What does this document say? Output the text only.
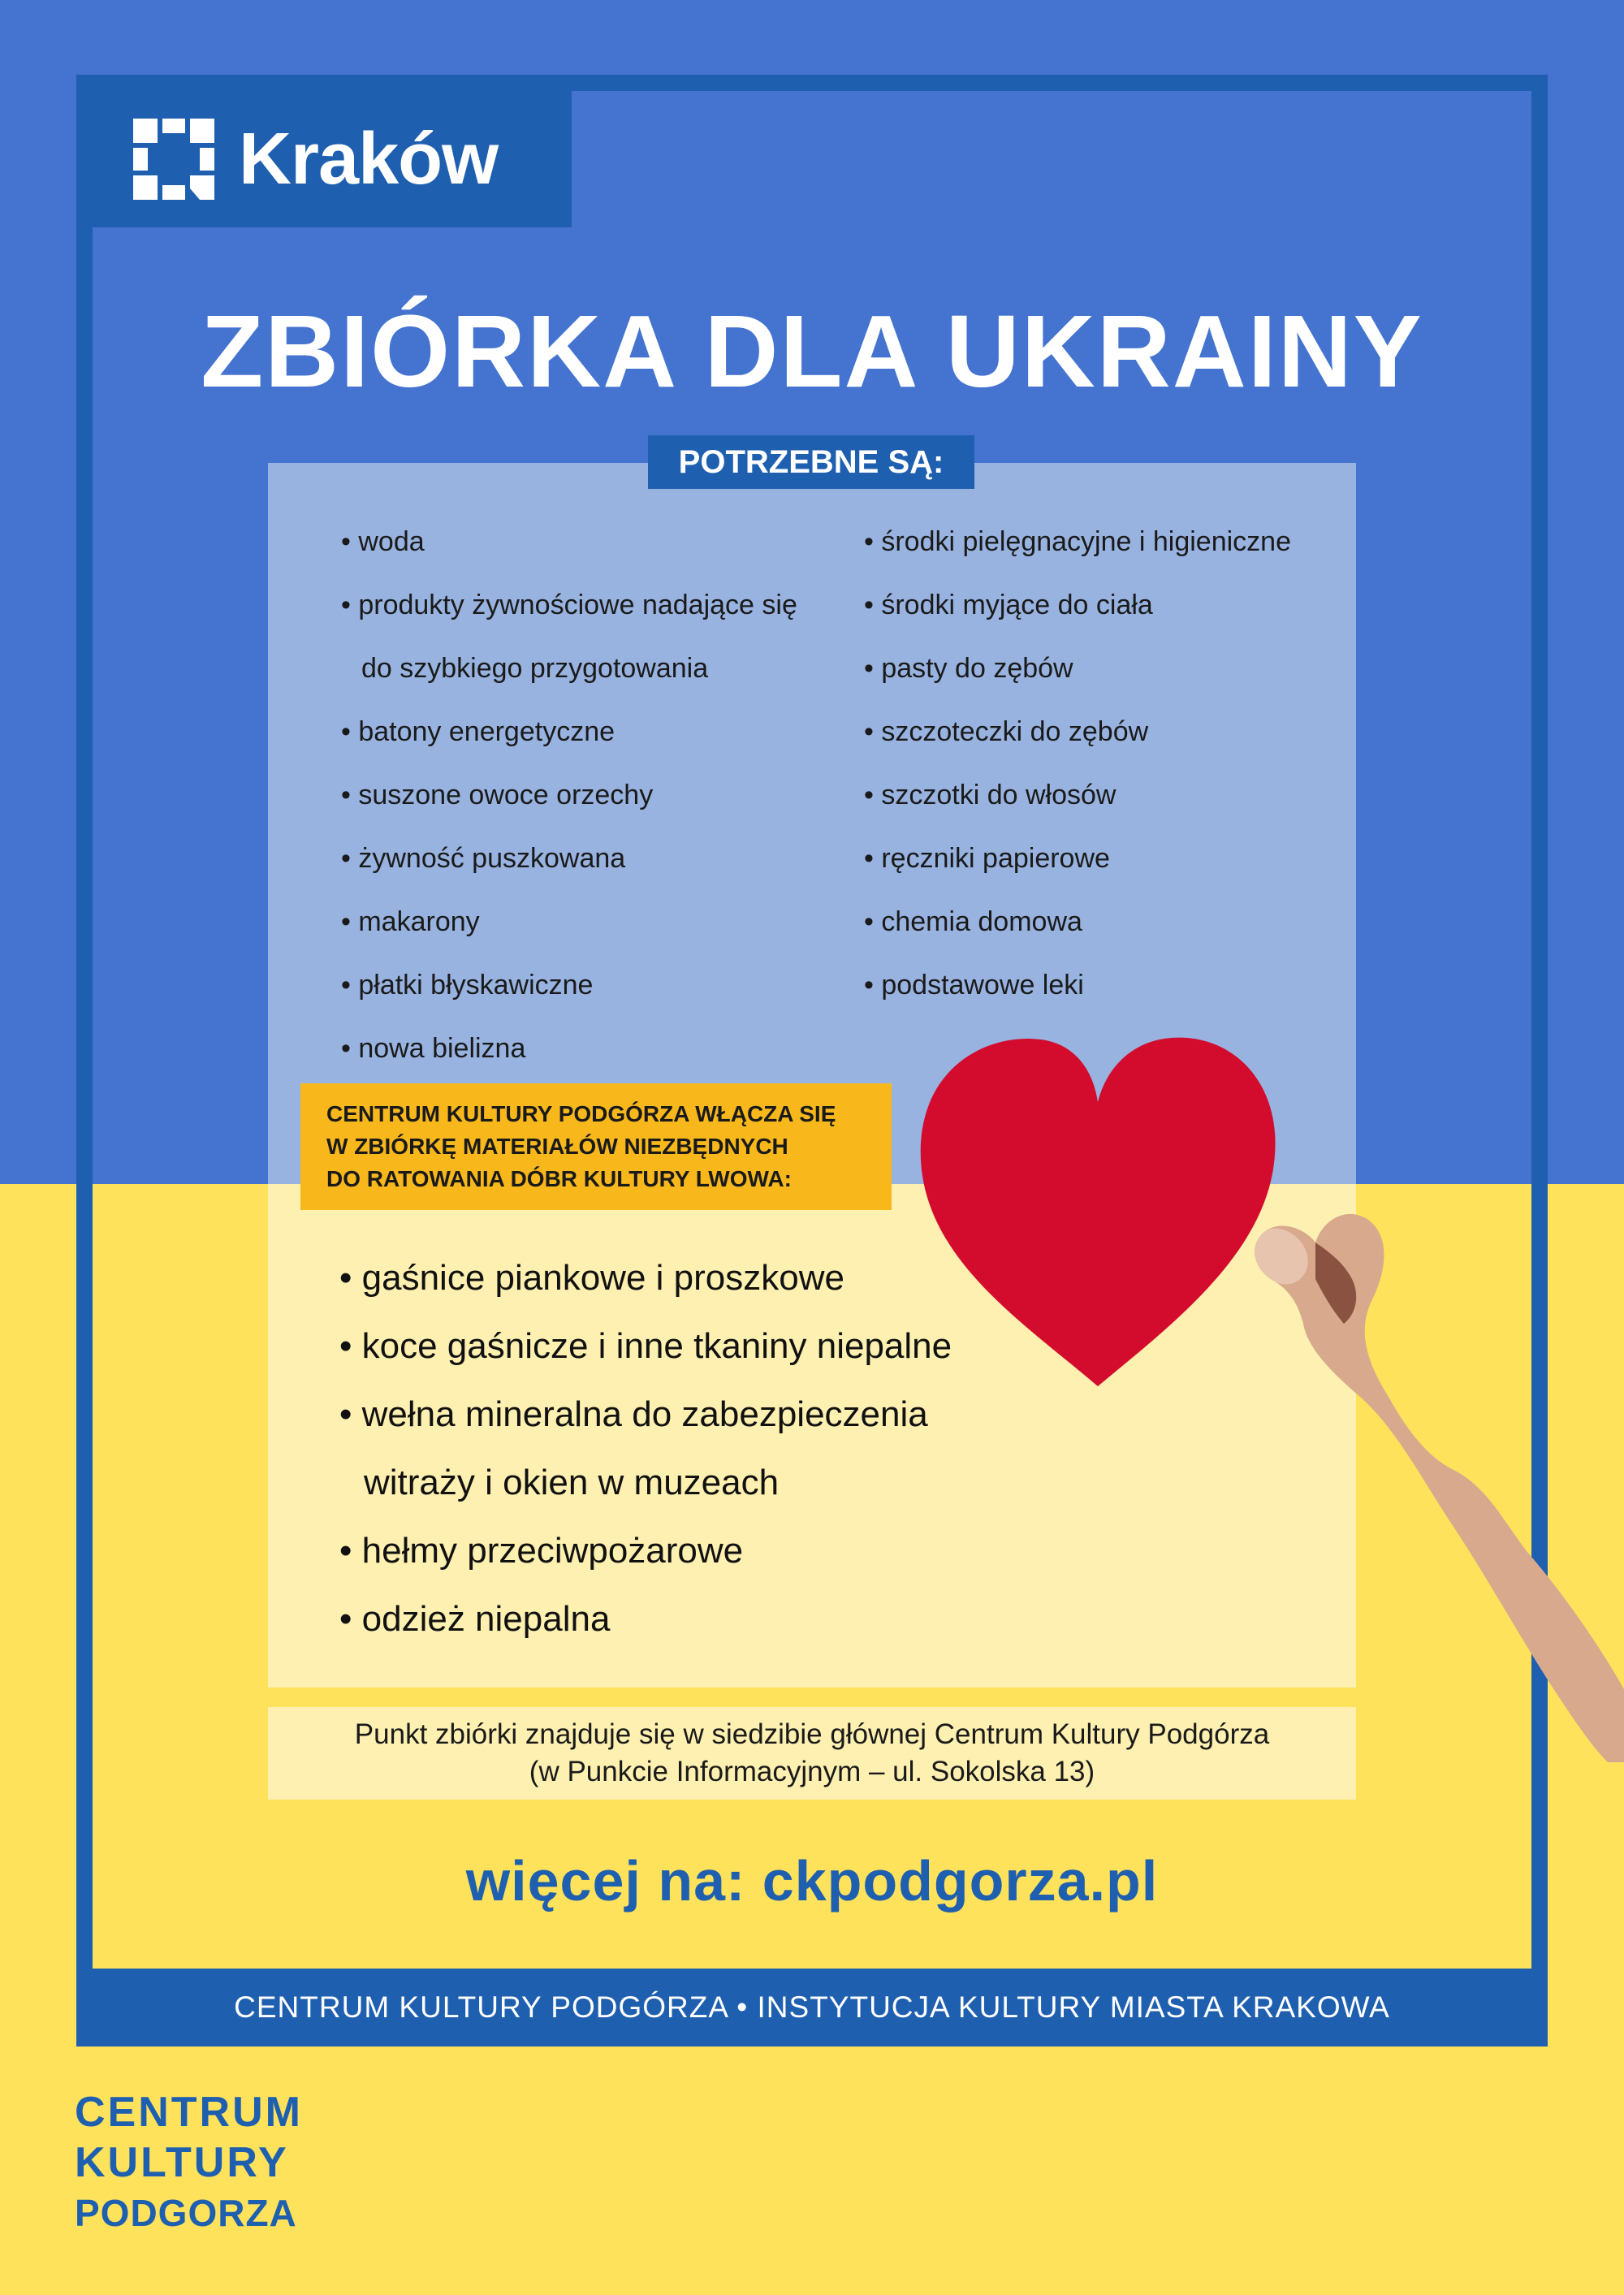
Kraków
ZBIÓRKA DLA UKRAINY
POTRZEBNE SĄ:
• woda
• produkty żywnościowe nadające się
do szybkiego przygotowania
• batony energetyczne
• suszone owoce orzechy
• żywność puszkowana
• makarony
• płatki błyskawiczne
• nowa bielizna
• środki pielęgnacyjne i higieniczne
• środki myjące do ciała
• pasty do zębów
• szczoteczki do zębów
• szczotki do włosów
• ręczniki papierowe
• chemia domowa
• podstawowe leki
CENTRUM KULTURY PODGÓRZA WŁĄCZA SIĘ
W ZBIÓRKĘ MATERIAŁÓW NIEZBĘDNYCH
DO RATOWANIA DÓBR KULTURY LWOWA:
• gaśnice piankowe i proszkowe
• koce gaśnicze i inne tkaniny niepalne
• wełna mineralna do zabezpieczenia
witraży i okien w muzeach
• hełmy przeciwpożarowe
• odzież niepalna
Punkt zbiórki znajduje się w siedzibie głównej Centrum Kultury Podgórza
(w Punkcie Informacyjnym – ul. Sokolska 13)
więcej na: ckpodgorza.pl
CENTRUM KULTURY PODGÓRZA • INSTYTUCJA KULTURY MIASTA KRAKOWA
CENTRUM
KULTURY
PODGORZA
